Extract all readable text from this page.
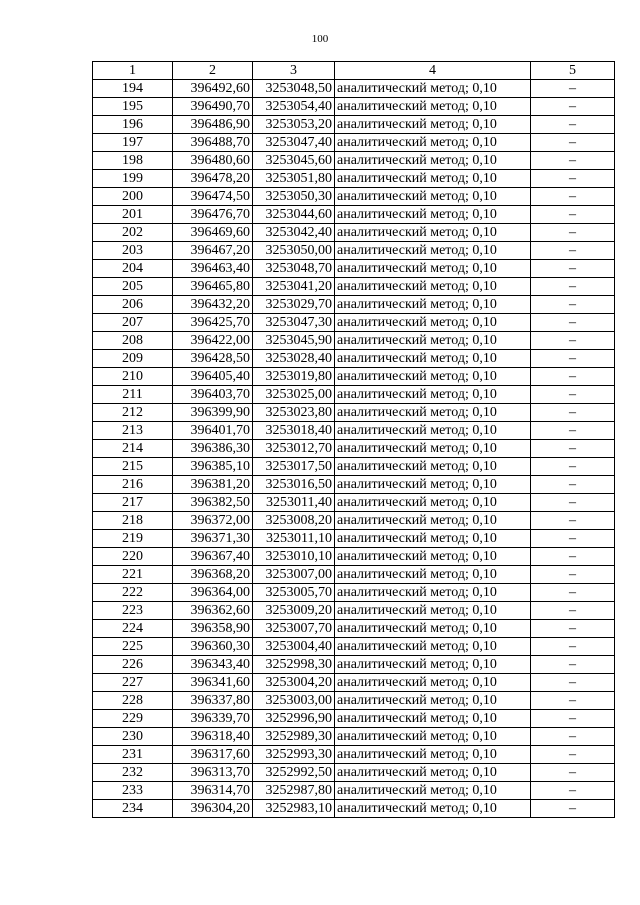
100
1	2	3	4	5
194	396492,60	3253048,50	аналитический метод; 0,10	–
195	396490,70	3253054,40	аналитический метод; 0,10	–
196	396486,90	3253053,20	аналитический метод; 0,10	–
197	396488,70	3253047,40	аналитический метод; 0,10	–
198	396480,60	3253045,60	аналитический метод; 0,10	–
199	396478,20	3253051,80	аналитический метод; 0,10	–
200	396474,50	3253050,30	аналитический метод; 0,10	–
201	396476,70	3253044,60	аналитический метод; 0,10	–
202	396469,60	3253042,40	аналитический метод; 0,10	–
203	396467,20	3253050,00	аналитический метод; 0,10	–
204	396463,40	3253048,70	аналитический метод; 0,10	–
205	396465,80	3253041,20	аналитический метод; 0,10	–
206	396432,20	3253029,70	аналитический метод; 0,10	–
207	396425,70	3253047,30	аналитический метод; 0,10	–
208	396422,00	3253045,90	аналитический метод; 0,10	–
209	396428,50	3253028,40	аналитический метод; 0,10	–
210	396405,40	3253019,80	аналитический метод; 0,10	–
211	396403,70	3253025,00	аналитический метод; 0,10	–
212	396399,90	3253023,80	аналитический метод; 0,10	–
213	396401,70	3253018,40	аналитический метод; 0,10	–
214	396386,30	3253012,70	аналитический метод; 0,10	–
215	396385,10	3253017,50	аналитический метод; 0,10	–
216	396381,20	3253016,50	аналитический метод; 0,10	–
217	396382,50	3253011,40	аналитический метод; 0,10	–
218	396372,00	3253008,20	аналитический метод; 0,10	–
219	396371,30	3253011,10	аналитический метод; 0,10	–
220	396367,40	3253010,10	аналитический метод; 0,10	–
221	396368,20	3253007,00	аналитический метод; 0,10	–
222	396364,00	3253005,70	аналитический метод; 0,10	–
223	396362,60	3253009,20	аналитический метод; 0,10	–
224	396358,90	3253007,70	аналитический метод; 0,10	–
225	396360,30	3253004,40	аналитический метод; 0,10	–
226	396343,40	3252998,30	аналитический метод; 0,10	–
227	396341,60	3253004,20	аналитический метод; 0,10	–
228	396337,80	3253003,00	аналитический метод; 0,10	–
229	396339,70	3252996,90	аналитический метод; 0,10	–
230	396318,40	3252989,30	аналитический метод; 0,10	–
231	396317,60	3252993,30	аналитический метод; 0,10	–
232	396313,70	3252992,50	аналитический метод; 0,10	–
233	396314,70	3252987,80	аналитический метод; 0,10	–
234	396304,20	3252983,10	аналитический метод; 0,10	–
